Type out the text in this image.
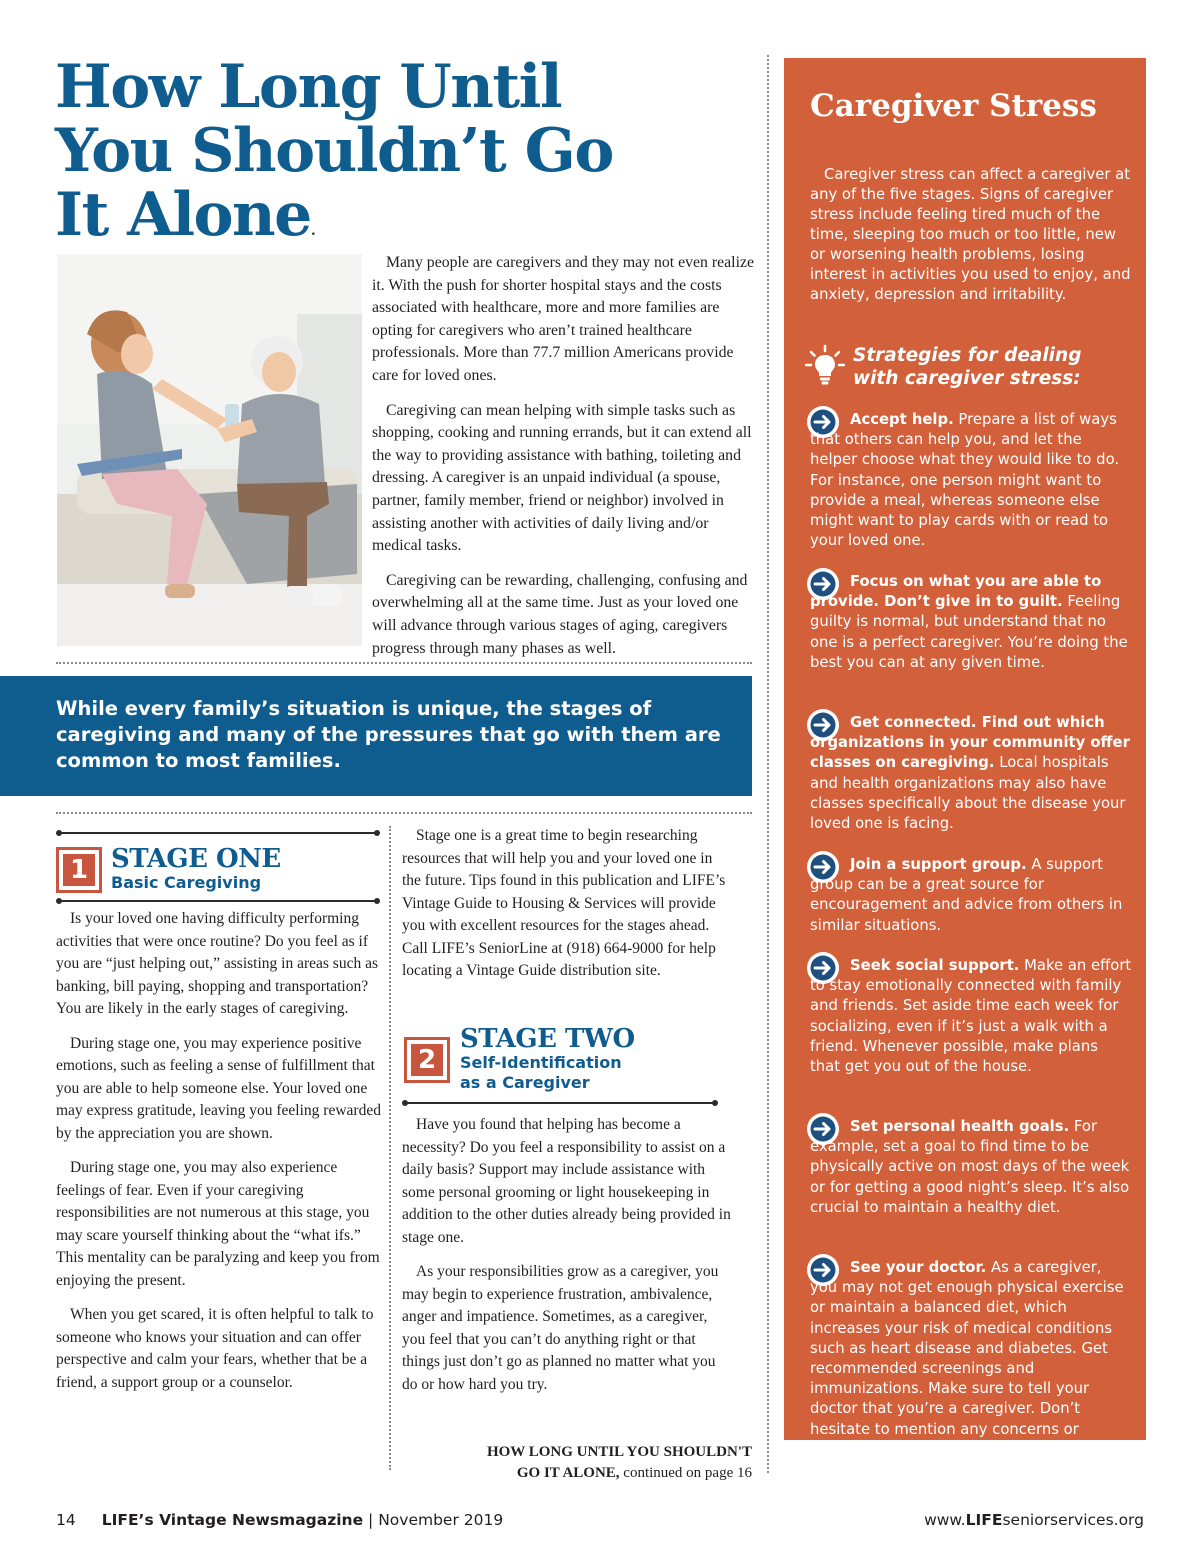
How Long Until
You Shouldn’t Go
It Alone.

Many people are caregivers and they may not even realize it. With the push for shorter hospital stays and the costs associated with healthcare, more and more families are opting for caregivers who aren’t trained healthcare professionals. More than 77.7 million Americans provide care for loved ones.

Caregiving can mean helping with simple tasks such as shopping, cooking and running errands, but it can extend all the way to providing assistance with bathing, toileting and dressing. A caregiver is an unpaid individual (a spouse, partner, family member, friend or neighbor) involved in assisting another with activities of daily living and/or medical tasks.

Caregiving can be rewarding, challenging, confusing and overwhelming all at the same time. Just as your loved one will advance through various stages of aging, caregivers progress through many phases as well.

While every family’s situation is unique, the stages of caregiving and many of the pressures that go with them are common to most families.

1 STAGE ONE
Basic Caregiving

Is your loved one having difficulty performing activities that were once routine? Do you feel as if you are “just helping out,” assisting in areas such as banking, bill paying, shopping and transportation? You are likely in the early stages of caregiving.

During stage one, you may experience positive emotions, such as feeling a sense of fulfillment that you are able to help someone else. Your loved one may express gratitude, leaving you feeling rewarded by the appreciation you are shown.

During stage one, you may also experience feelings of fear. Even if your caregiving responsibilities are not numerous at this stage, you may scare yourself thinking about the “what ifs.” This mentality can be paralyzing and keep you from enjoying the present.

When you get scared, it is often helpful to talk to someone who knows your situation and can offer perspective and calm your fears, whether that be a friend, a support group or a counselor.

Stage one is a great time to begin researching resources that will help you and your loved one in the future. Tips found in this publication and LIFE’s Vintage Guide to Housing & Services will provide you with excellent resources for the stages ahead. Call LIFE’s SeniorLine at (918) 664-9000 for help locating a Vintage Guide distribution site.

2
STAGE TWO
Self-Identification
as a Caregiver

Have you found that helping has become a necessity? Do you feel a responsibility to assist on a daily basis? Support may include assistance with some personal grooming or light housekeeping in addition to the other duties already being provided in stage one.

As your responsibilities grow as a caregiver, you may begin to experience frustration, ambivalence, anger and impatience. Sometimes, as a caregiver, you feel that you can’t do anything right or that things just don’t go as planned no matter what you do or how hard you try.

HOW LONG UNTIL YOU SHOULDN'T
GO IT ALONE, continued on page 16
Caregiver Stress

Caregiver stress can affect a caregiver at any of the five stages. Signs of caregiver stress include feeling tired much of the time, sleeping too much or too little, new or worsening health problems, losing interest in activities you used to enjoy, and anxiety, depression and irritability.

Strategies for dealing
with caregiver stress:

Accept help. Prepare a list of ways that others can help you, and let the helper choose what they would like to do. For instance, one person might want to provide a meal, whereas someone else might want to play cards with or read to your loved one.

Focus on what you are able to provide. Don’t give in to guilt. Feeling guilty is normal, but understand that no one is a perfect caregiver. You’re doing the best you can at any given time.

Get connected. Find out which organizations in your community offer classes on caregiving. Local hospitals and health organizations may also have classes specifically about the disease your loved one is facing.

Join a support group. A support group can be a great source for encouragement and advice from others in similar situations.

Seek social support. Make an effort to stay emotionally connected with family and friends. Set aside time each week for socializing, even if it’s just a walk with a friend. Whenever possible, make plans that get you out of the house.

Set personal health goals. For example, set a goal to find time to be physically active on most days of the week or for getting a good night’s sleep. It’s also crucial to maintain a healthy diet.

See your doctor. As a caregiver, you may not get enough physical exercise or maintain a balanced diet, which increases your risk of medical conditions such as heart disease and diabetes. Get recommended screenings and immunizations. Make sure to tell your doctor that you’re a caregiver. Don’t hesitate to mention any concerns or symptoms you may have.

14 LIFE’s Vintage Newsmagazine | November 2019	www.LIFEseniorservices.org
